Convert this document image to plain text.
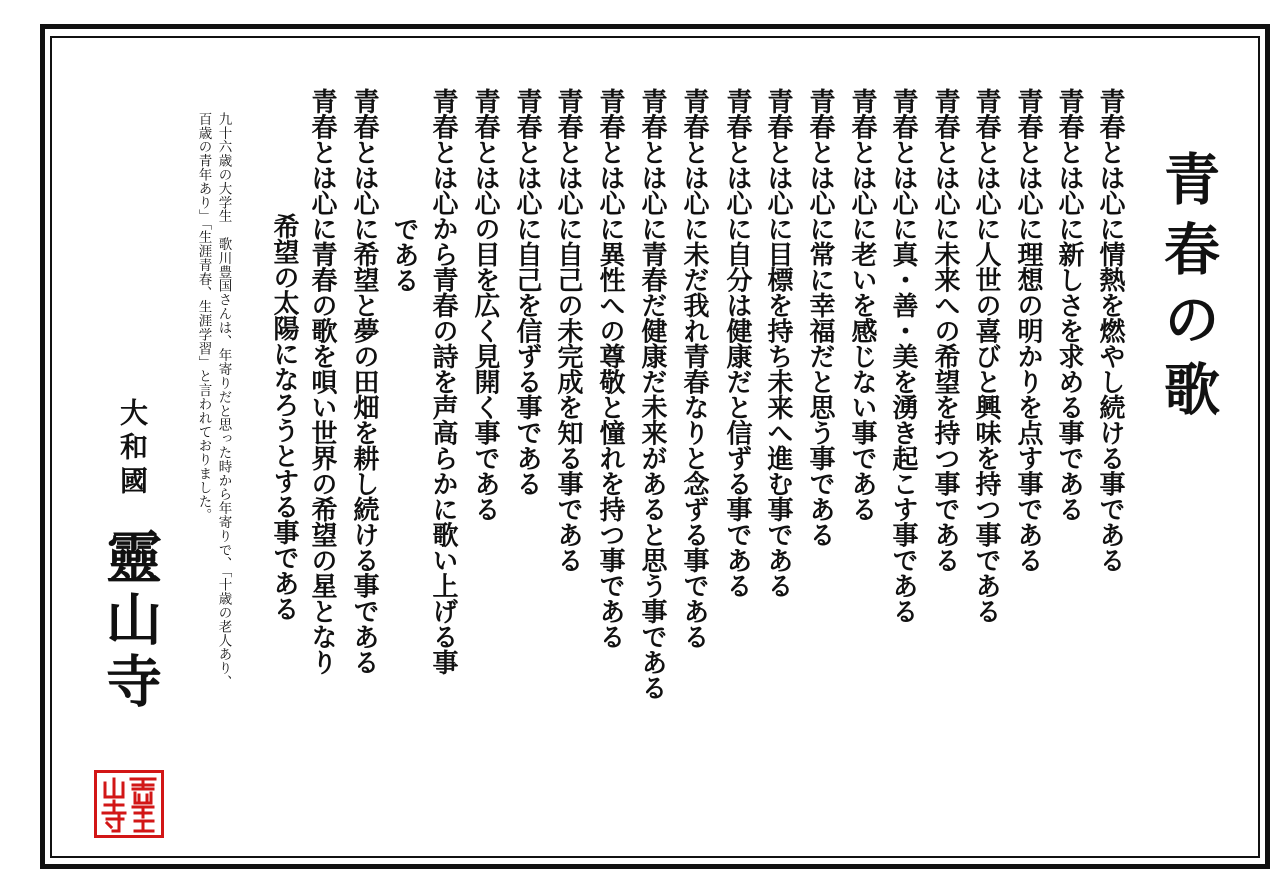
青春の歌
青春とは心に情熱を燃やし続ける事である
青春とは心に新しさを求める事である
青春とは心に理想の明かりを点す事である
青春とは心に人世の喜びと興味を持つ事である
青春とは心に未来への希望を持つ事である
青春とは心に真・善・美を湧き起こす事である
青春とは心に老いを感じない事である
青春とは心に常に幸福だと思う事である
青春とは心に目標を持ち未来へ進む事である
青春とは心に自分は健康だと信ずる事である
青春とは心に未だ我れ青春なりと念ずる事である
青春とは心に青春だ健康だ未来があると思う事である
青春とは心に異性への尊敬と憧れを持つ事である
青春とは心に自己の未完成を知る事である
青春とは心に自己を信ずる事である
青春とは心の目を広く見開く事である
青春とは心から青春の詩を声高らかに歌い上げる事
である
青春とは心に希望と夢の田畑を耕し続ける事である
青春とは心に青春の歌を唄い世界の希望の星となり
希望の太陽になろうとする事である
九十六歳の大学生　歌川豊国さんは、年寄りだと思った時から年寄りで、「十歳の老人あり、
百歳の青年あり」「生涯青春、生涯学習」と言われておりました。
大和國
靈山寺
